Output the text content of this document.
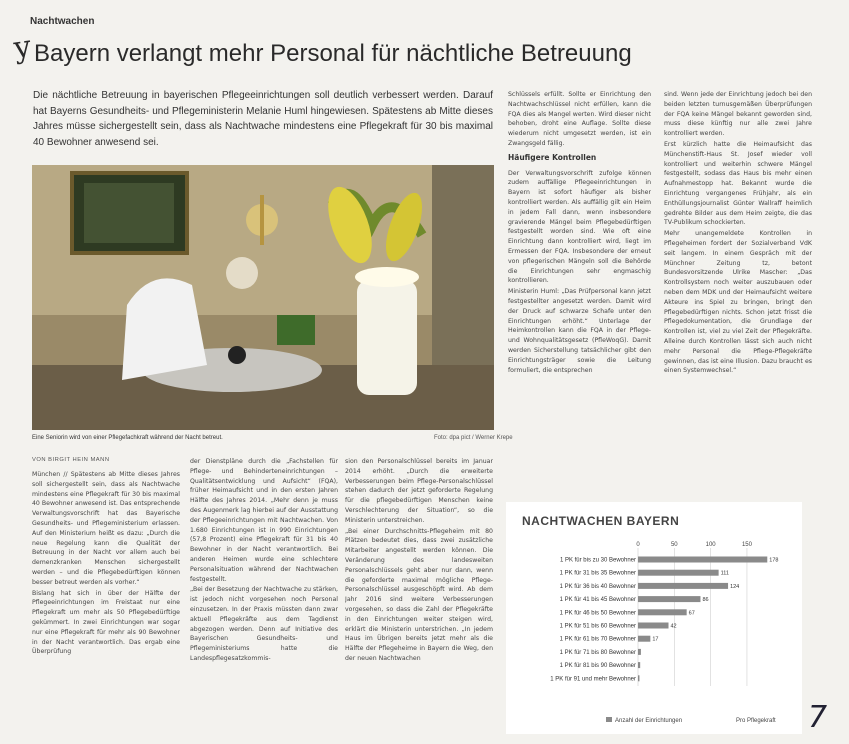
Nachtwachen
y Bayern verlangt mehr Personal für nächtliche Betreuung
Die nächtliche Betreuung in bayerischen Pflegeeinrichtungen soll deutlich verbessert werden. Darauf hat Bayerns Gesundheits- und Pflegeministerin Melanie Huml hingewiesen. Spätestens ab Mitte dieses Jahres müsse sichergestellt sein, dass als Nachtwache mindestens eine Pflegekraft für 30 bis maximal 40 Bewohner anwesend sei.
Eine Seniorin wird von einer Pflegefachkraft während der Nacht betreut.	Foto: dpa pict / Werner Krepe
VON BIRGIT HEIN MANN

München // Spätestens ab Mitte dieses Jahres soll sichergestellt sein, dass als Nachtwache mindestens eine Pflegekraft für 30 bis maximal 40 Bewohner anwesend ist. Das entsprechende Verwaltungsvorschrift hat das Bayerische Gesundheits- und Pflegeministerium erlassen. Auf den Ministerium heißt es dazu: „Durch die neue Regelung kann die Qualität der Betreuung in der Nacht vor allem auch bei demenzkranken Menschen sichergestellt werden – und die Pflegebedürftigen können besser betreut werden als vorher.“

Bislang hat sich in über der Hälfte der Pflegeeinrichtungen im Freistaat nur eine Pflegekraft um mehr als 50 Pflegebedürftige gekümmert. In zwei Einrichtungen war sogar nur eine Pflegekraft für mehr als 90 Bewohner in der Nacht verantwortlich. Das ergab eine Überprüfung

der Dienstpläne durch die „Fachstellen für Pflege- und Behinderteneinrichtungen – Qualitätsentwicklung und Aufsicht“ (FQA), früher Heimaufsicht und in den ersten Jahren Hälfte des Jahres 2014. „Mehr denn je muss des Augenmerk lag hierbei auf der Ausstattung der Pflegeeinrichtungen mit Nachtwachen. Von 1.680 Einrichtungen ist in 990 Einrichtungen (57,8 Prozent) eine Pflegekraft für 31 bis 40 Bewohner in der Nacht verantwortlich. Bei anderen Heimen wurde eine schlechtere Personalsituation während der Nachtwachen festgestellt.

„Bei der Besetzung der Nachtwache zu stärken, ist jedoch nicht vorgesehen noch Personal einzusetzen. In der Praxis müssten dann zwar aktuell Pflegekräfte aus dem Tagdienst abgezogen werden. Denn auf Initiative des Bayerischen Gesundheits- und Pflegeministeriums hatte die Landespflegesatzkommis-

sion den Personalschlüssel bereits im Januar 2014 erhöht. „Durch die erweiterte Verbesserungen beim Pflege-Personalschlüssel stehen dadurch der jetzt geforderte Regelung für die pflegebedürftigen Menschen keine Verschlechterung der Situation“, so die Ministerin unterstreichen.

„Bei einer Durchschnitts-Pflegeheim mit 80 Plätzen bedeutet dies, dass zwei zusätzliche Mitarbeiter angestellt werden können. Die Veränderung des landesweiten Personalschlüssels geht aber nur dann, wenn die geforderte maximal mögliche Pflege-Personalschlüssel ausgeschöpft wird. Ab dem Jahr 2016 sind weitere Verbesserungen vorgesehen, so dass die Zahl der Pflegekräfte in den Einrichtungen weiter steigen wird, erklärt die Ministerin unterstrichen. „In jedem Haus im Übrigen bereits jetzt mehr als die Hälfte der Pflegeheime in Bayern die Weg, den der neuen Nachtwachen

Schlüssels erfüllt. Sollte er Einrichtung den Nachtwachschlüssel nicht erfüllen, kann die FQA dies als Mangel werten. Wird dieser nicht behoben, droht eine Auflage. Sollte diese wiederum nicht umgesetzt werden, ist ein Zwangsgeld fällig.

Häufigere Kontrollen

Der Verwaltungsvorschrift zufolge können zudem auffällige Pflegeeinrichtungen in Bayern ist sofort häufiger als bisher kontrolliert werden. Als auffällig gilt ein Heim in jedem Fall dann, wenn insbesondere gravierende Mängel beim Pflegebedürftigen festgestellt worden sind. Wie oft eine Einrichtung dann kontrolliert wird, liegt im Ermessen der FQA. Insbesondere der erneut von pflegerischen Mängeln soll die Behörde die Einrichtungen sehr engmaschig kontrollieren.

Ministerin Huml: „Das Prüfpersonal kann jetzt festgestellter angesetzt werden. Damit wird der Druck auf schwarze Schafe unter den Einrichtungen erhöht.“ Unterlage der Heimkontrollen kann die FQA in der Pflege- und Wohnqualitätsgesetz (PfleWoqG). Damit werden Sicherstellung tatsächlicher gibt den Einrichtungsträger sowie die Leitung formuliert, die entsprechen

sind. Wenn jede der Einrichtung jedoch bei den beiden letzten turnusgemäßen Überprüfungen der FQA keine Mängel bekannt geworden sind, muss diese künftig nur alle zwei Jahre kontrolliert werden.

Erst kürzlich hatte die Heimaufsicht das Münchenstift-Haus St. Josef wieder voll kontrolliert und weiterhin schwere Mängel festgestellt, sodass das Haus bis mehr einen Aufnahmestopp hat. Bekannt wurde die Einrichtung vergangenes Frühjahr, als ein Enthüllungsjournalist Günter Wallraff heimlich gedrehte Bilder aus dem Heim zeigte, die das TV-Publikum schockierten.

Mehr unangemeldete Kontrollen in Pflegeheimen fordert der Sozialverband VdK seit langem. In einem Gespräch mit der Münchner Zeitung tz, betont Bundesvorsitzende Ulrike Mascher: „Das Kontrollsystem noch weiter auszubauen oder neben dem MDK und der Heimaufsicht weitere Akteure ins Spiel zu bringen, bringt den Pflegebedürftigen nichts. Schon jetzt frisst die Pflegedokumentation, die Grundlage der Kontrollen ist, viel zu viel Zeit der Pflegekräfte. Alleine durch Kontrollen lässt sich auch nicht mehr Personal die Pflege-Pflegekräfte gewinnen, das ist eine Illusion. Dazu braucht es einen Systemwechsel.“

NACHTWACHEN BAYERN
0	50	100	150
1 PK für bis zu 30 Bewohner	178
1 PK für 31 bis 35 Bewohner	111
1 PK für 36 bis 40 Bewohner	124
1 PK für 41 bis 45 Bewohner	86
1 PK für 46 bis 50 Bewohner	67
1 PK für 51 bis 60 Bewohner	42
1 PK für 61 bis 70 Bewohner	17
1 PK für 71 bis 80 Bewohner
1 PK für 81 bis 90 Bewohner
1 PK für 91 und mehr Bewohner
Anzahl der Einrichtungen	Pro Pflegekraft 7
